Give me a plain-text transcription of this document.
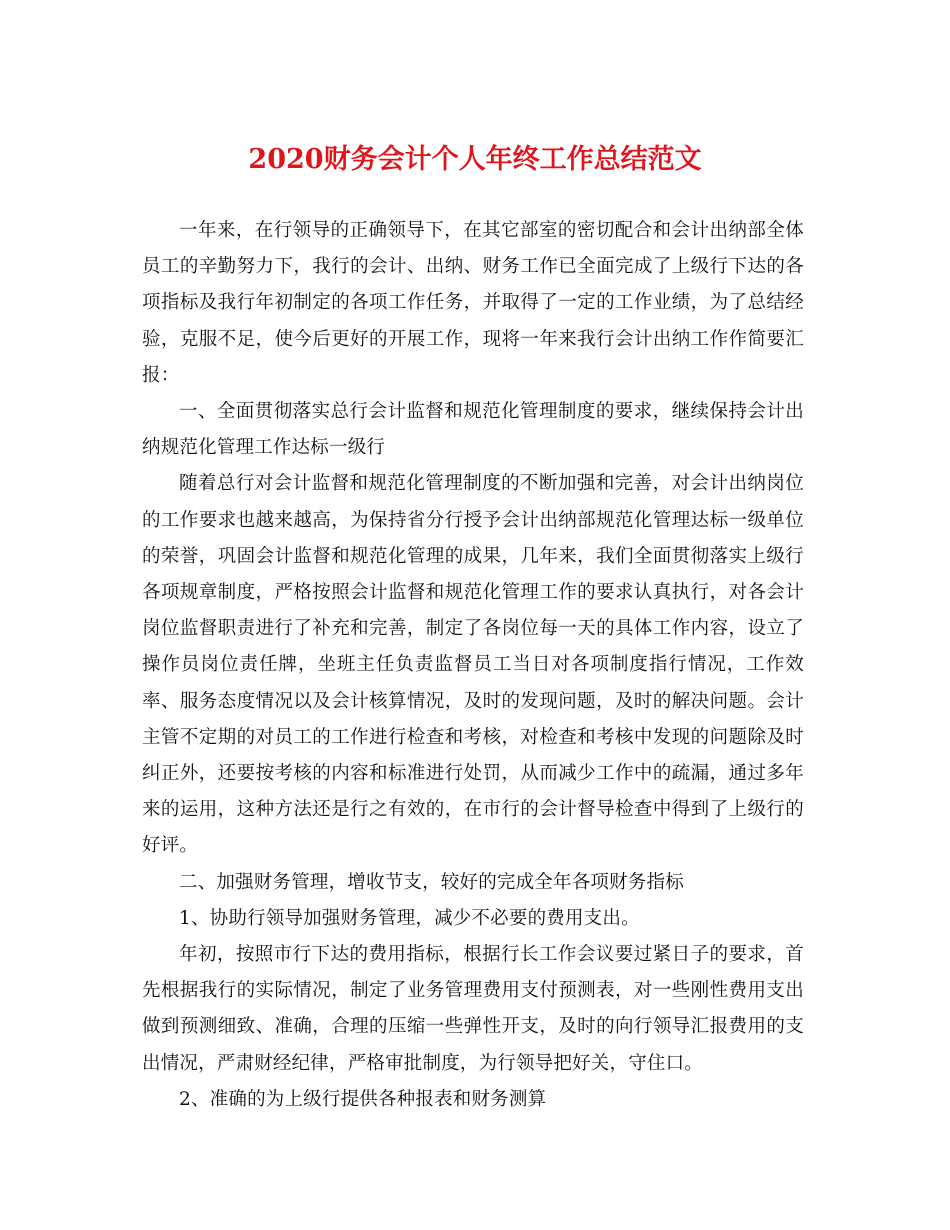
2020财务会计个人年终工作总结范文

一年来，在行领导的正确领导下，在其它部室的密切配合和会计出纳部全体员工的辛勤努力下，我行的会计、出纳、财务工作已全面完成了上级行下达的各项指标及我行年初制定的各项工作任务，并取得了一定的工作业绩，为了总结经验，克服不足，使今后更好的开展工作，现将一年来我行会计出纳工作作简要汇报：

一、全面贯彻落实总行会计监督和规范化管理制度的要求，继续保持会计出纳规范化管理工作达标一级行

随着总行对会计监督和规范化管理制度的不断加强和完善，对会计出纳岗位的工作要求也越来越高，为保持省分行授予会计出纳部规范化管理达标一级单位的荣誉，巩固会计监督和规范化管理的成果，几年来，我们全面贯彻落实上级行各项规章制度，严格按照会计监督和规范化管理工作的要求认真执行，对各会计岗位监督职责进行了补充和完善，制定了各岗位每一天的具体工作内容，设立了操作员岗位责任牌，坐班主任负责监督员工当日对各项制度指行情况，工作效率、服务态度情况以及会计核算情况，及时的发现问题，及时的解决问题。会计主管不定期的对员工的工作进行检查和考核，对检查和考核中发现的问题除及时纠正外，还要按考核的内容和标准进行处罚，从而减少工作中的疏漏，通过多年来的运用，这种方法还是行之有效的，在市行的会计督导检查中得到了上级行的好评。

二、加强财务管理，增收节支，较好的完成全年各项财务指标

1、协助行领导加强财务管理，减少不必要的费用支出。

年初，按照市行下达的费用指标，根据行长工作会议要过紧日子的要求，首先根据我行的实际情况，制定了业务管理费用支付预测表，对一些刚性费用支出做到预测细致、准确，合理的压缩一些弹性开支，及时的向行领导汇报费用的支出情况，严肃财经纪律，严格审批制度，为行领导把好关，守住口。

2、准确的为上级行提供各种报表和财务测算
